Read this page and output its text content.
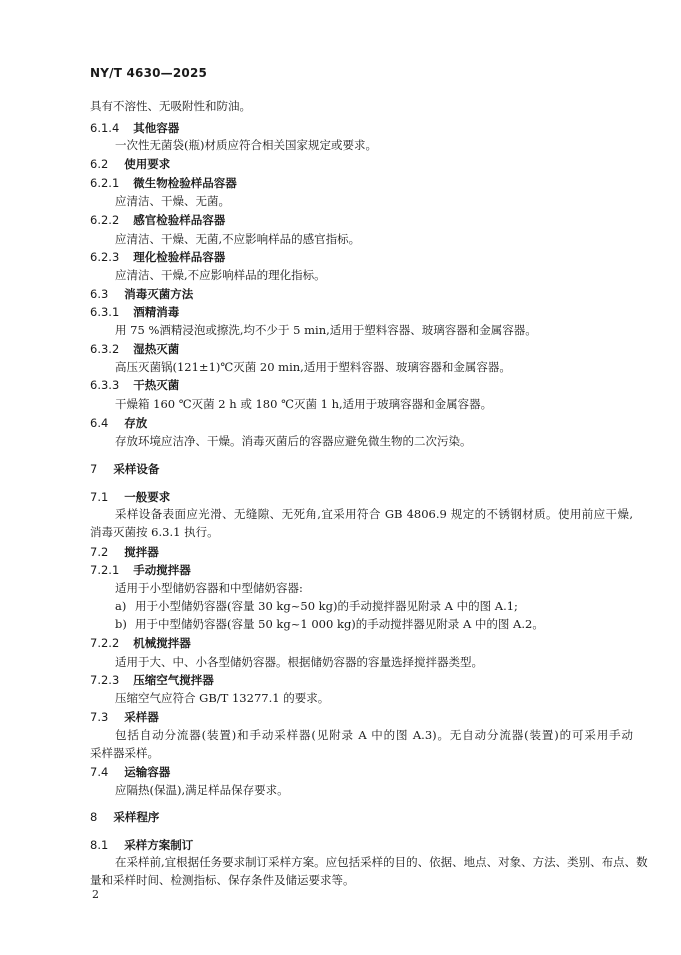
NY/T 4630—2025
具有不溶性、无吸附性和防油。
6.1.4 其他容器
一次性无菌袋(瓶)材质应符合相关国家规定或要求。
6.2 使用要求
6.2.1 微生物检验样品容器
应清洁、干燥、无菌。
6.2.2 感官检验样品容器
应清洁、干燥、无菌,不应影响样品的感官指标。
6.2.3 理化检验样品容器
应清洁、干燥,不应影响样品的理化指标。
6.3 消毒灭菌方法
6.3.1 酒精消毒
用 75 %酒精浸泡或擦洗,均不少于 5 min,适用于塑料容器、玻璃容器和金属容器。
6.3.2 湿热灭菌
高压灭菌锅(121±1)℃灭菌 20 min,适用于塑料容器、玻璃容器和金属容器。
6.3.3 干热灭菌
干燥箱 160 ℃灭菌 2 h 或 180 ℃灭菌 1 h,适用于玻璃容器和金属容器。
6.4 存放
存放环境应洁净、干燥。消毒灭菌后的容器应避免微生物的二次污染。
7 采样设备
7.1 一般要求
采样设备表面应光滑、无缝隙、无死角,宜采用符合 GB 4806.9 规定的不锈钢材质。使用前应干燥,
消毒灭菌按 6.3.1 执行。
7.2 搅拌器
7.2.1 手动搅拌器
适用于小型储奶容器和中型储奶容器:
a) 用于小型储奶容器(容量 30 kg~50 kg)的手动搅拌器见附录 A 中的图 A.1;
b) 用于中型储奶容器(容量 50 kg~1 000 kg)的手动搅拌器见附录 A 中的图 A.2。
7.2.2 机械搅拌器
适用于大、中、小各型储奶容器。根据储奶容器的容量选择搅拌器类型。
7.2.3 压缩空气搅拌器
压缩空气应符合 GB/T 13277.1 的要求。
7.3 采样器
包括自动分流器(装置)和手动采样器(见附录 A 中的图 A.3)。无自动分流器(装置)的可采用手动
采样器采样。
7.4 运输容器
应隔热(保温),满足样品保存要求。
8 采样程序
8.1 采样方案制订
在采样前,宜根据任务要求制订采样方案。应包括采样的目的、依据、地点、对象、方法、类别、布点、数
量和采样时间、检测指标、保存条件及储运要求等。
2
